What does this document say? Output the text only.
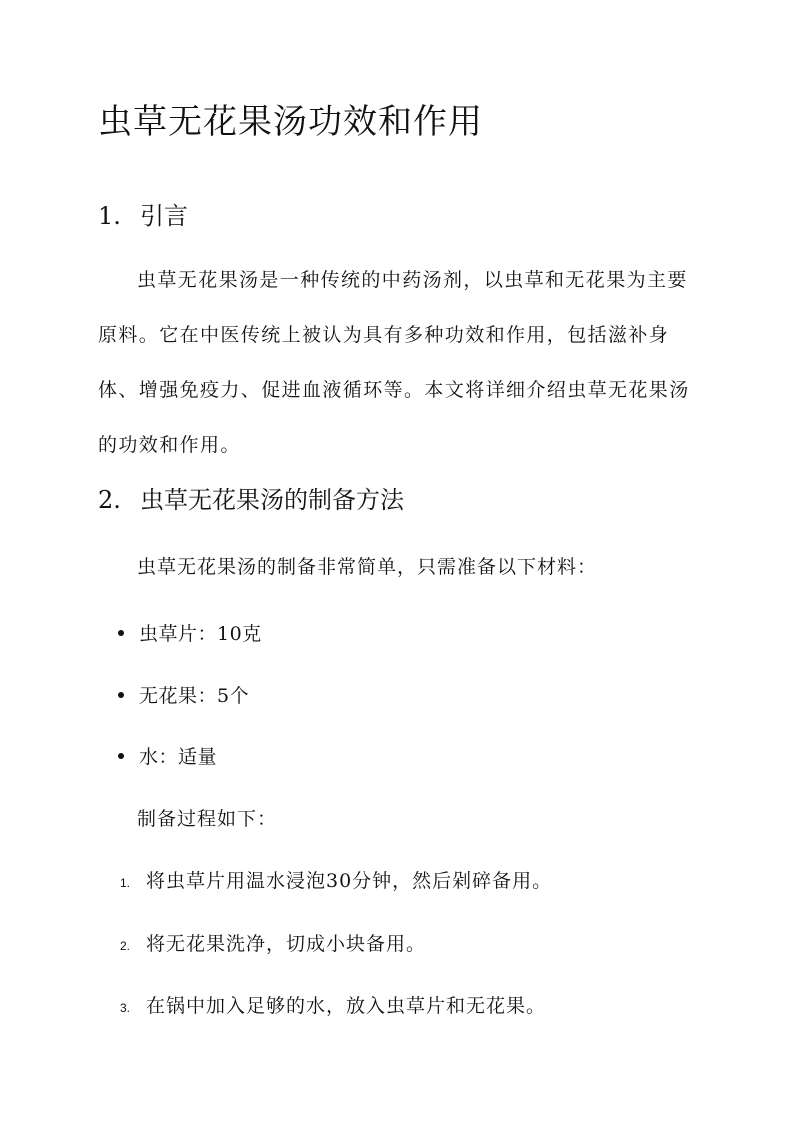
虫草无花果汤功效和作用
1. 引言

虫草无花果汤是一种传统的中药汤剂，以虫草和无花果为主要原料。它在中医传统上被认为具有多种功效和作用，包括滋补身体、增强免疫力、促进血液循环等。本文将详细介绍虫草无花果汤的功效和作用。

2. 虫草无花果汤的制备方法

虫草无花果汤的制备非常简单，只需准备以下材料：

虫草片：10克
无花果：5个
水：适量

制备过程如下：

1. 将虫草片用温水浸泡30分钟，然后剁碎备用。
2. 将无花果洗净，切成小块备用。
3. 在锅中加入足够的水，放入虫草片和无花果。
